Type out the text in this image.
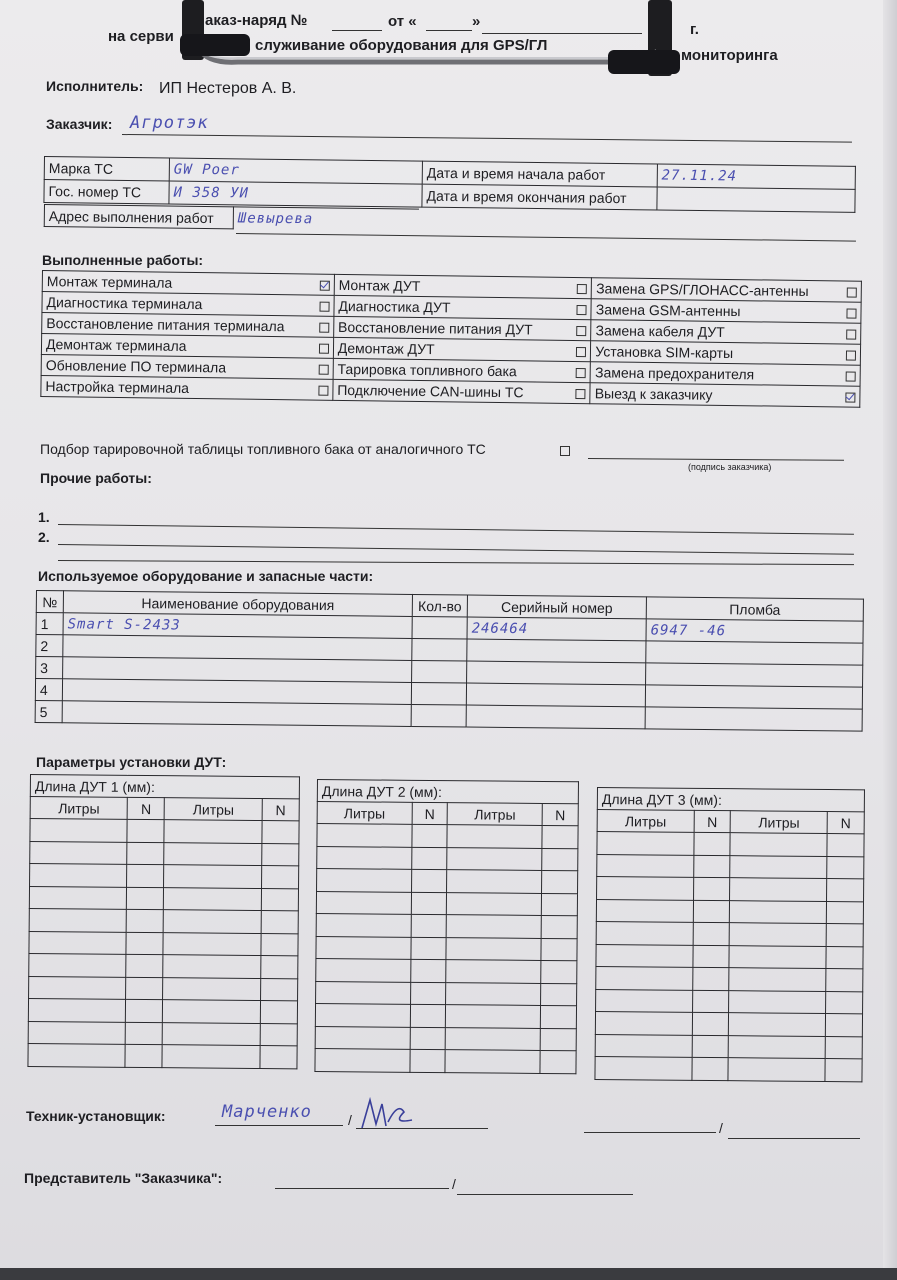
аказ-наряд №	от «	»	г.
на серви
служивание оборудования для GPS/ГЛ
мониторинга
Исполнитель: ИП Нестеров А. В.
Заказчик: Агротэк
Марка ТС	GW Poer	Дата и время начала работ	27.11.24
Гос. номер ТС	И 358 УИ	Дата и время окончания работ	
Адрес выполнения работ	Шевырева
Выполненные работы:
Монтаж терминала	Монтаж ДУТ	Замена GPS/ГЛОНАСС-антенны

Диагностика терминала	Диагностика ДУТ	Замена GSM-антенны

Восстановление питания терминала	Восстановление питания ДУТ	Замена кабеля ДУТ

Демонтаж терминала	Демонтаж ДУТ	Установка SIM-карты

Обновление ПО терминала	Тарировка топливного бака	Замена предохранителя

Настройка терминала	Подключение CAN-шины ТС	Выезд к заказчику
Подбор тарировочной таблицы топливного бака от аналогичного ТС
(подпись заказчика)
Прочие работы:
1.
2.
Используемое оборудование и запасные части:
№	Наименование оборудования	Кол-во	Серийный номер	Пломба
1	Smart S-2433		246464	6947 -46
2				
3				
4				
5				
Параметры установки ДУТ:
Длина ДУТ 1 (мм):			
Литры	N	Литры	N

Длина ДУТ 2 (мм):			
Литры	N	Литры	N

Длина ДУТ 3 (мм):			
Литры	N	Литры	N

Техник-установщик:	Марченко	/	/
Представитель "Заказчика":	/
